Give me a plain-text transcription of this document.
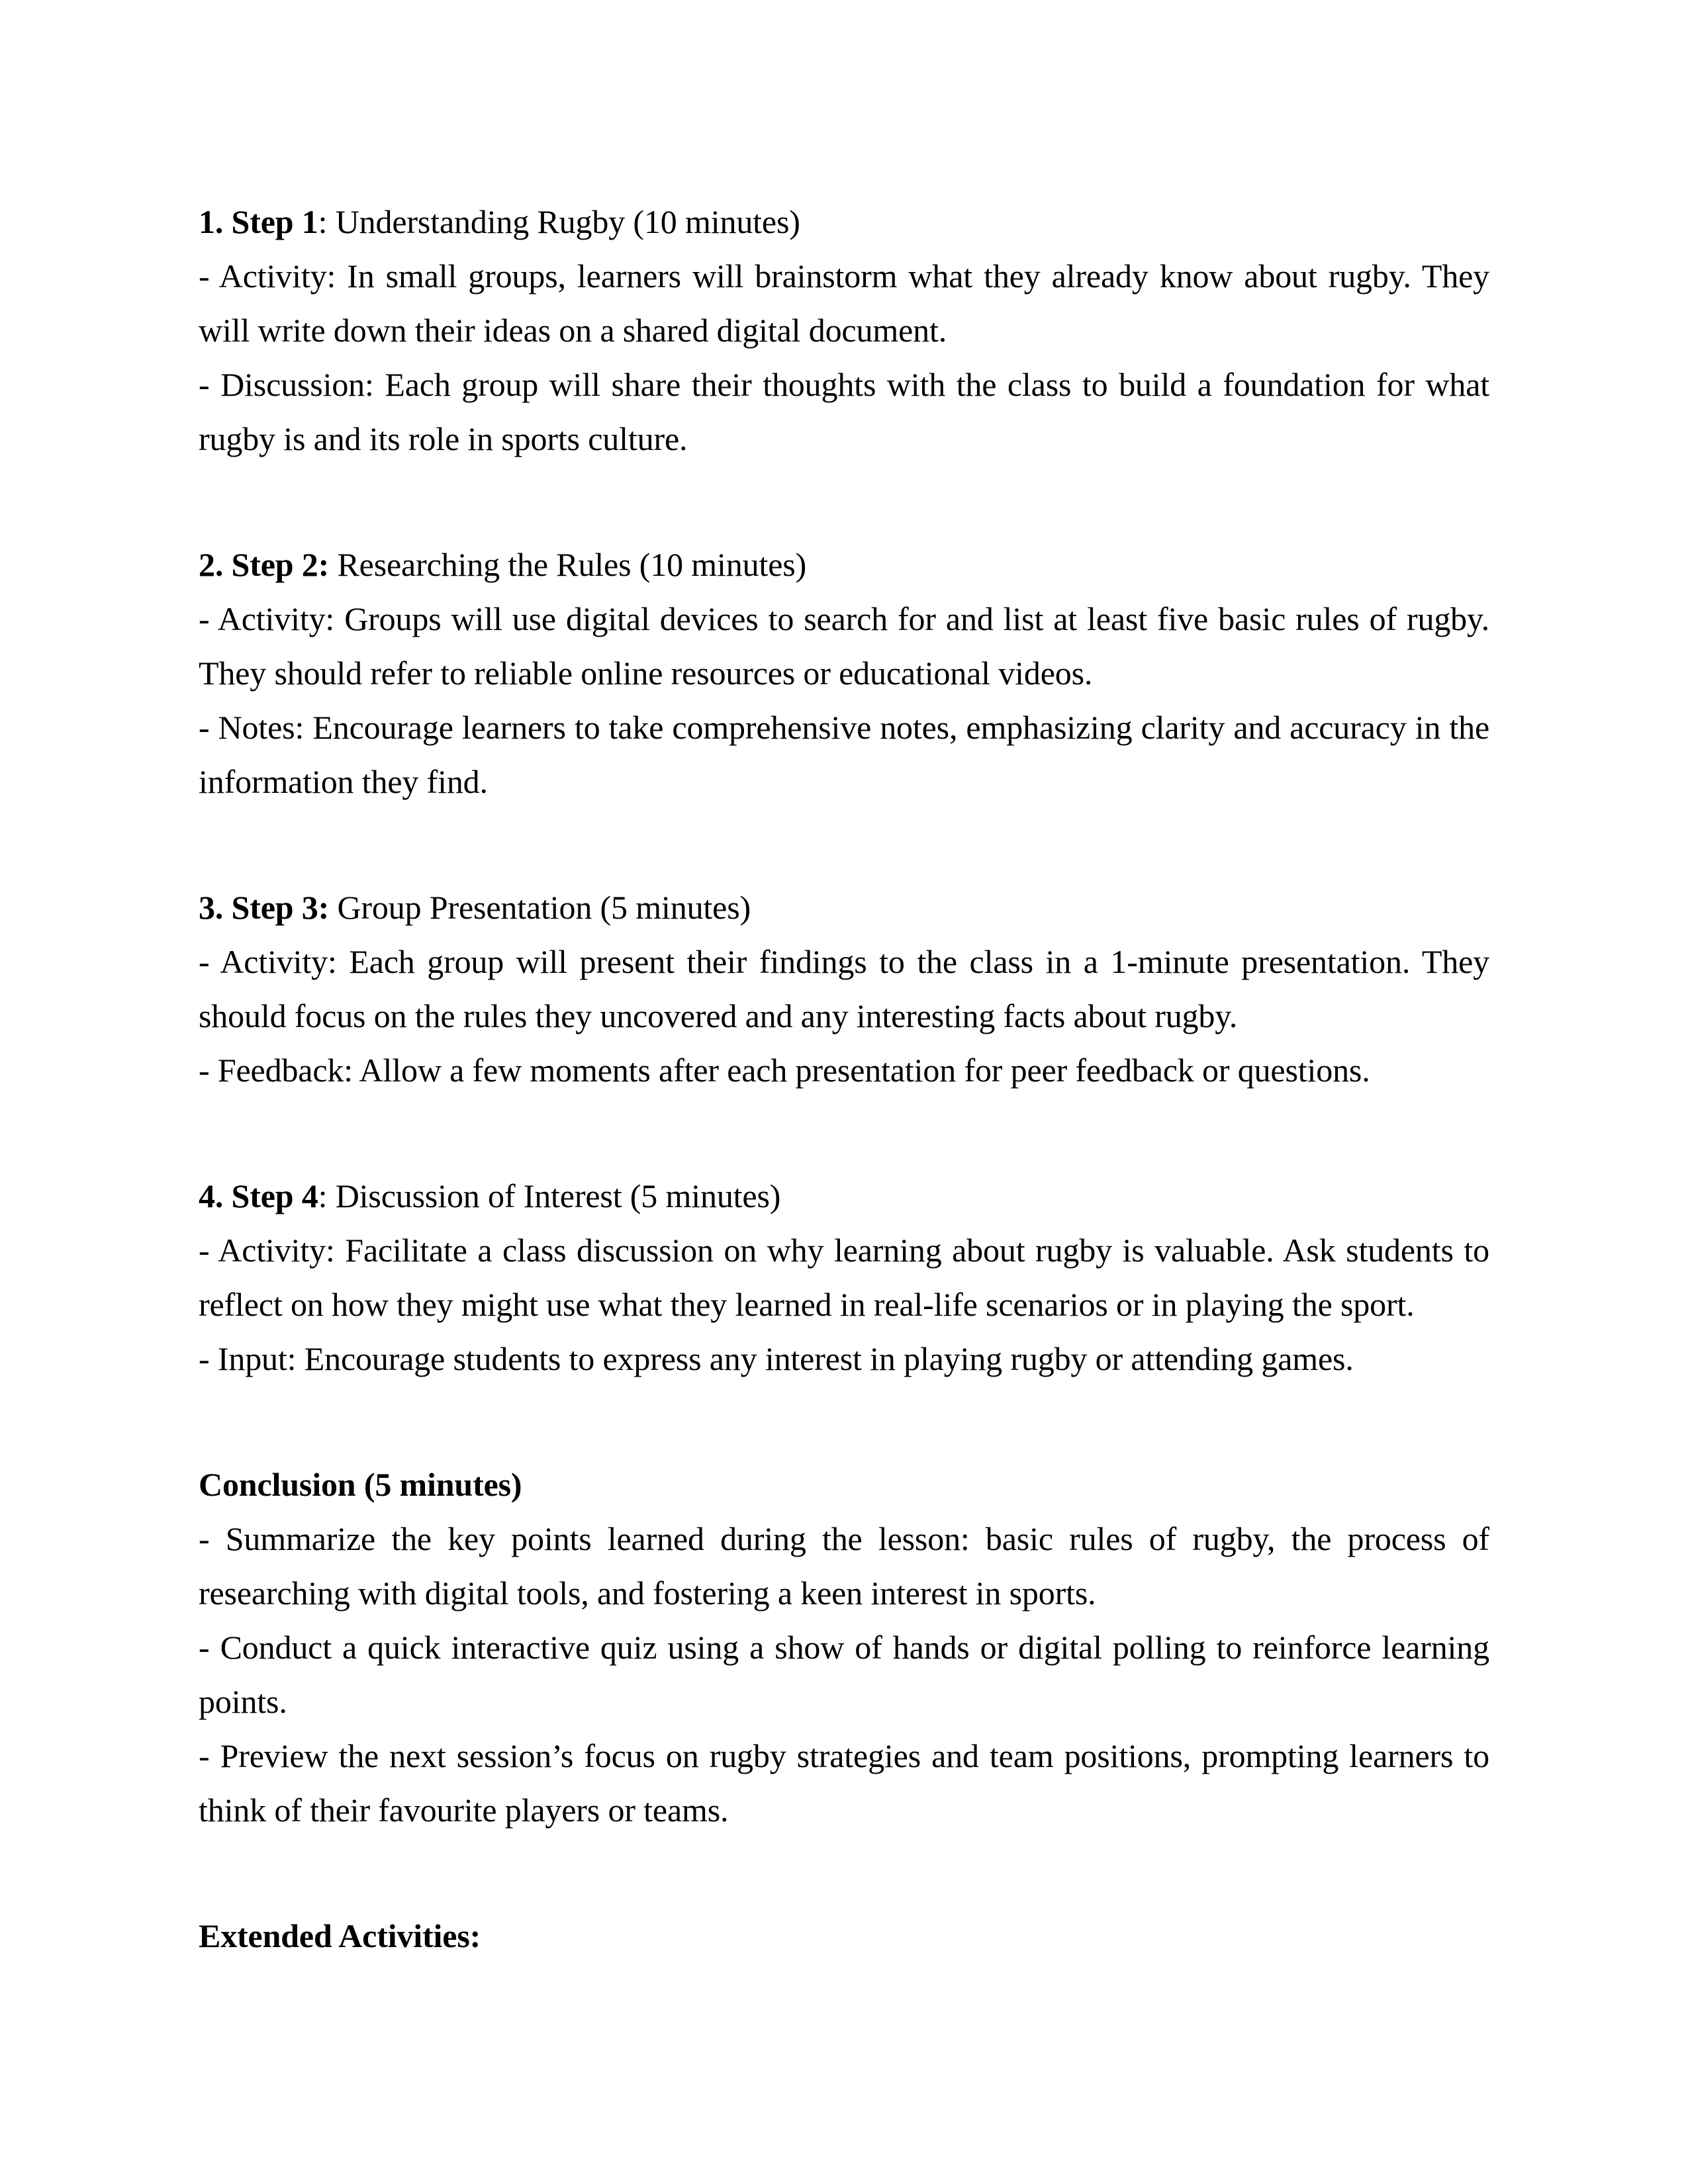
1. Step 1: Understanding Rugby (10 minutes)
- Activity: In small groups, learners will brainstorm what they already know about rugby. They
will write down their ideas on a shared digital document.
- Discussion: Each group will share their thoughts with the class to build a foundation for what
rugby is and its role in sports culture.
2. Step 2: Researching the Rules (10 minutes)
- Activity: Groups will use digital devices to search for and list at least five basic rules of rugby.
They should refer to reliable online resources or educational videos.
- Notes: Encourage learners to take comprehensive notes, emphasizing clarity and accuracy in the
information they find.
3. Step 3: Group Presentation (5 minutes)
- Activity: Each group will present their findings to the class in a 1-minute presentation. They
should focus on the rules they uncovered and any interesting facts about rugby.
- Feedback: Allow a few moments after each presentation for peer feedback or questions.
4. Step 4: Discussion of Interest (5 minutes)
- Activity: Facilitate a class discussion on why learning about rugby is valuable. Ask students to
reflect on how they might use what they learned in real-life scenarios or in playing the sport.
- Input: Encourage students to express any interest in playing rugby or attending games.
Conclusion (5 minutes)
- Summarize the key points learned during the lesson: basic rules of rugby, the process of
researching with digital tools, and fostering a keen interest in sports.
- Conduct a quick interactive quiz using a show of hands or digital polling to reinforce learning
points.
- Preview the next session’s focus on rugby strategies and team positions, prompting learners to
think of their favourite players or teams.
Extended Activities:
